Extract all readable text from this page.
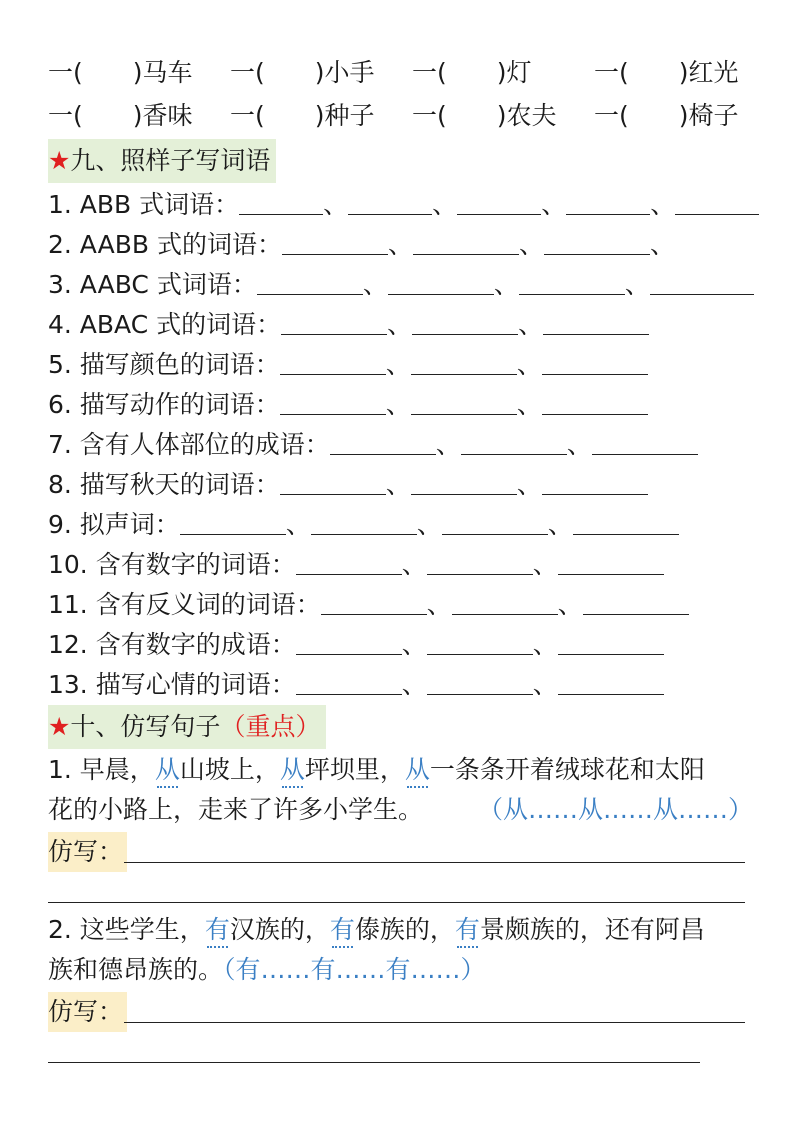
一(　　)马车 一(　　)小手 一(　　)灯 一(　　)红光
一(　　)香味 一(　　)种子 一(　　)农夫 一(　　)椅子
★九、照样子写词语
1. ABB 式词语：	、	、	、	、
2. AABB 式的词语：	、	、	、
3. AABC 式词语：	、	、	、
4. ABAC 式的词语：	、	、
5. 描写颜色的词语：	、	、
6. 描写动作的词语：	、	、
7. 含有人体部位的成语：	、	、
8. 描写秋天的词语：	、	、
9. 拟声词：	、	、	、
10. 含有数字的词语：	、	、
11. 含有反义词的词语：	、	、
12. 含有数字的成语：	、	、
13. 描写心情的词语：	、	、
★十、仿写句子（重点）
1. 早晨，从山坡上，从坪坝里，从一条条开着绒球花和太阳
花的小路上，走来了许多小学生。 （从……从……从……）
仿写：
2. 这些学生，有汉族的，有傣族的，有景颇族的，还有阿昌
族和德昂族的。（有……有……有……）
仿写：
